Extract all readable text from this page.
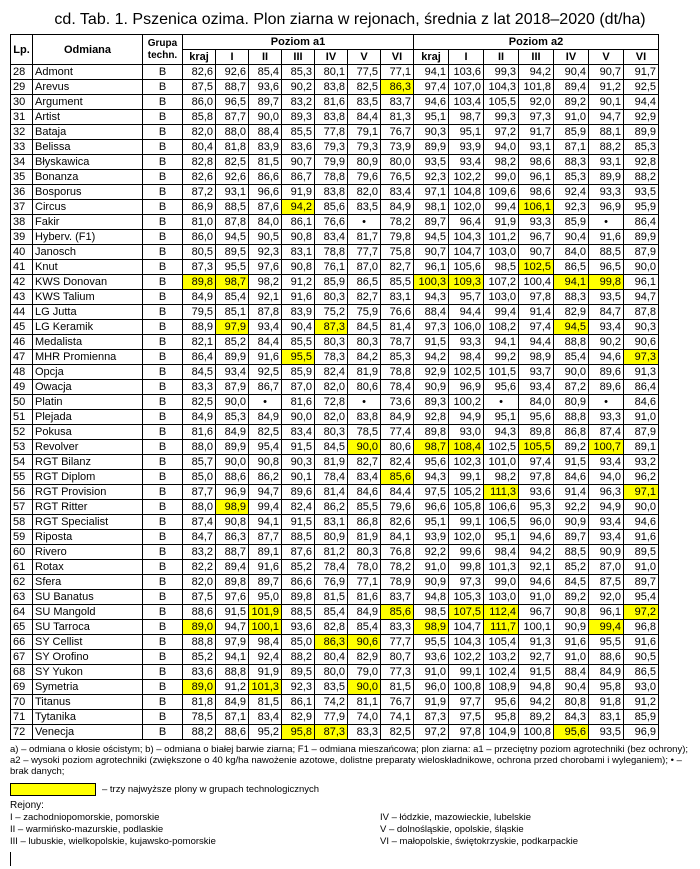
cd. Tab. 1. Pszenica ozima. Plon ziarna w rejonach, średnia z lat 2018–2020 (dt/ha)
Lp.	Odmiana	Grupa techn.	Poziom a1							Poziom a2						
			kraj	I	II	III	IV	V	VI	kraj	I	II	III	IV	V	VI
28	Admont	B	82,6	92,6	85,4	85,3	80,1	77,5	77,1	94,1	103,6	99,3	94,2	90,4	90,7	91,7
29	Arevus	B	87,5	88,7	93,6	90,2	83,8	82,5	86,3	97,4	107,0	104,3	101,8	89,4	91,2	92,5
30	Argument	B	86,0	96,5	89,7	83,2	81,6	83,5	83,7	94,6	103,4	105,5	92,0	89,2	90,1	94,4
31	Artist	B	85,8	87,7	90,0	89,3	83,8	84,4	81,3	95,1	98,7	99,3	97,3	91,0	94,7	92,9
32	Bataja	B	82,0	88,0	88,4	85,5	77,8	79,1	76,7	90,3	95,1	97,2	91,7	85,9	88,1	89,9
33	Belissa	B	80,4	81,8	83,9	83,6	79,3	79,3	73,9	89,9	93,9	94,0	93,1	87,1	88,2	85,3
34	Błyskawica	B	82,8	82,5	81,5	90,7	79,9	80,9	80,0	93,5	93,4	98,2	98,6	88,3	93,1	92,8
35	Bonanza	B	82,6	92,6	86,6	86,7	78,8	79,6	76,5	92,3	102,2	99,0	96,1	85,3	89,9	88,2
36	Bosporus	B	87,2	93,1	96,6	91,9	83,8	82,0	83,4	97,1	104,8	109,6	98,6	92,4	93,3	93,5
37	Circus	B	86,9	88,5	87,6	94,2	85,6	83,5	84,9	98,1	102,0	99,4	106,1	92,3	96,9	95,9
38	Fakir	B	81,0	87,8	84,0	86,1	76,6	•	78,2	89,7	96,4	91,9	93,3	85,9	•	86,4
39	Hyberv. (F1)	B	86,0	94,5	90,5	90,8	83,4	81,7	79,8	94,5	104,3	101,2	96,7	90,4	91,6	89,9
40	Janosch	B	80,5	89,5	92,3	83,1	78,8	77,7	75,8	90,7	104,7	103,0	90,7	84,0	88,5	87,9
41	Knut	B	87,3	95,5	97,6	90,8	76,1	87,0	82,7	96,1	105,6	98,5	102,5	86,5	96,5	90,0
42	KWS Donovan	B	89,8	98,7	98,2	91,2	85,9	86,5	85,5	100,3	109,3	107,2	100,4	94,1	99,8	96,1
43	KWS Talium	B	84,9	85,4	92,1	91,6	80,3	82,7	83,1	94,3	95,7	103,0	97,8	88,3	93,5	94,7
44	LG Jutta	B	79,5	85,1	87,8	83,9	75,2	75,9	76,6	88,4	94,4	99,4	91,4	82,9	84,7	87,8
45	LG Keramik	B	88,9	97,9	93,4	90,4	87,3	84,5	81,4	97,3	106,0	108,2	97,4	94,5	93,4	90,3
46	Medalista	B	82,1	85,2	84,4	85,5	80,3	80,3	78,7	91,5	93,3	94,1	94,4	88,8	90,2	90,6
47	MHR Promienna	B	86,4	89,9	91,6	95,5	78,3	84,2	85,3	94,2	98,4	99,2	98,9	85,4	94,6	97,3
48	Opcja	B	84,5	93,4	92,5	85,9	82,4	81,9	78,8	92,9	102,5	101,5	93,7	90,0	89,6	91,3
49	Owacja	B	83,3	87,9	86,7	87,0	82,0	80,6	78,4	90,9	96,9	95,6	93,4	87,2	89,6	86,4
50	Platin	B	82,5	90,0	•	81,6	72,8	•	73,6	89,3	100,2	•	84,0	80,9	•	84,6
51	Plejada	B	84,9	85,3	84,9	90,0	82,0	83,8	84,9	92,8	94,9	95,1	95,6	88,8	93,3	91,0
52	Pokusa	B	81,6	84,9	82,5	83,4	80,3	78,5	77,4	89,8	93,0	94,3	89,8	86,8	87,4	87,9
53	Revolver	B	88,0	89,9	95,4	91,5	84,5	90,0	80,6	98,7	108,4	102,5	105,5	89,2	100,7	89,1
54	RGT Bilanz	B	85,7	90,0	90,8	90,3	81,9	82,7	82,4	95,6	102,3	101,0	97,4	91,5	93,4	93,2
55	RGT Diplom	B	85,0	88,6	86,2	90,1	78,4	83,4	85,6	94,3	99,1	98,2	97,8	84,6	94,0	96,2
56	RGT Provision	B	87,7	96,9	94,7	89,6	81,4	84,6	84,4	97,5	105,2	111,3	93,6	91,4	96,3	97,1
57	RGT Ritter	B	88,0	98,9	99,4	82,4	86,2	85,5	79,6	96,6	105,8	106,6	95,3	92,2	94,9	90,0
58	RGT Specialist	B	87,4	90,8	94,1	91,5	83,1	86,8	82,6	95,1	99,1	106,5	96,0	90,9	93,4	94,6
59	Riposta	B	84,7	86,3	87,7	88,5	80,9	81,9	84,1	93,9	102,0	95,1	94,6	89,7	93,4	91,6
60	Rivero	B	83,2	88,7	89,1	87,6	81,2	80,3	76,8	92,2	99,6	98,4	94,2	88,5	90,9	89,5
61	Rotax	B	82,2	89,4	91,6	85,2	78,4	78,0	78,2	91,0	99,8	101,3	92,1	85,2	87,0	91,0
62	Sfera	B	82,0	89,8	89,7	86,6	76,9	77,1	78,9	90,9	97,3	99,0	94,6	84,5	87,5	89,7
63	SU Banatus	B	87,5	97,6	95,0	89,8	81,5	81,6	83,7	94,8	105,3	103,0	91,0	89,2	92,0	95,4
64	SU Mangold	B	88,6	91,5	101,9	88,5	85,4	84,9	85,6	98,5	107,5	112,4	96,7	90,8	96,1	97,2
65	SU Tarroca	B	89,0	94,7	100,1	93,6	82,8	85,4	83,3	98,9	104,7	111,7	100,1	90,9	99,4	96,8
66	SY Cellist	B	88,8	97,9	98,4	85,0	86,3	90,6	77,7	95,5	104,3	105,4	91,3	91,6	95,5	91,6
67	SY Orofino	B	85,2	94,1	92,4	88,2	80,4	82,9	80,7	93,6	102,2	103,2	92,7	91,0	88,6	90,5
68	SY Yukon	B	83,6	88,8	91,9	89,5	80,0	79,0	77,3	91,0	99,1	102,4	91,5	88,4	84,9	86,5
69	Symetria	B	89,0	91,2	101,3	92,3	83,5	90,0	81,5	96,0	100,8	108,9	94,8	90,4	95,8	93,0
70	Titanus	B	81,8	84,9	81,5	86,1	74,2	81,1	76,7	91,9	97,7	95,6	94,2	80,8	91,8	91,2
71	Tytanika	B	78,5	87,1	83,4	82,9	77,9	74,0	74,1	87,3	97,5	95,8	89,2	84,3	83,1	85,9
72	Venecja	B	88,2	88,6	95,2	95,8	87,3	83,3	82,5	97,2	97,8	104,9	100,8	95,6	93,5	96,9
a) – odmiana o kłosie ościstym; b) – odmiana o białej barwie ziarna; F1 – odmiana mieszańcowa; plon ziarna: a1 – przeciętny poziom agrotechniki (bez ochrony); a2 – wysoki poziom agrotechniki (zwiększone o 40 kg/ha nawożenie azotowe, dolistne preparaty wieloskładnikowe, ochrona przed chorobami i wyleganiem); • – brak danych;
– trzy najwyższe plony w grupach technologicznych
Rejony:
I – zachodniopomorskie, pomorskie
II – warmińsko-mazurskie, podlaskie
III – lubuskie, wielkopolskie, kujawsko-pomorskie
IV – łódzkie, mazowieckie, lubelskie
V – dolnośląskie, opolskie, śląskie
VI – małopolskie, świętokrzyskie, podkarpackie
